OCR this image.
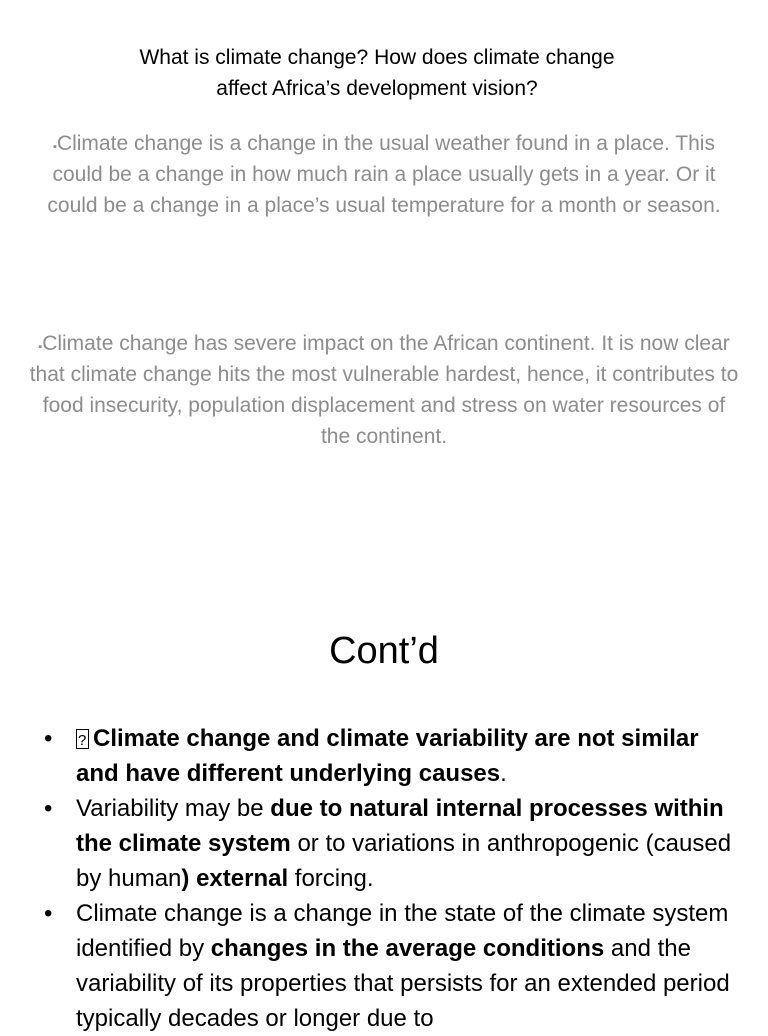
What is climate change? How does climate change
affect Africa’s development vision?
▪Climate change is a change in the usual weather found in a place. This could be a change in how much rain a place usually gets in a year. Or it could be a change in a place’s usual temperature for a month or season.
▪Climate change has severe impact on the African continent. It is now clear that climate change hits the most vulnerable hardest, hence, it contributes to food insecurity, population displacement and stress on water resources of the continent.
Cont’d
•
? Climate change and climate variability are not similar and have different underlying causes.
• Variability may be due to natural internal processes within the climate system or to variations in anthropogenic (caused by human) external forcing.
• Climate change is a change in the state of the climate system identified by changes in the average conditions and the variability of its properties that persists for an extended period typically decades or longer due to
